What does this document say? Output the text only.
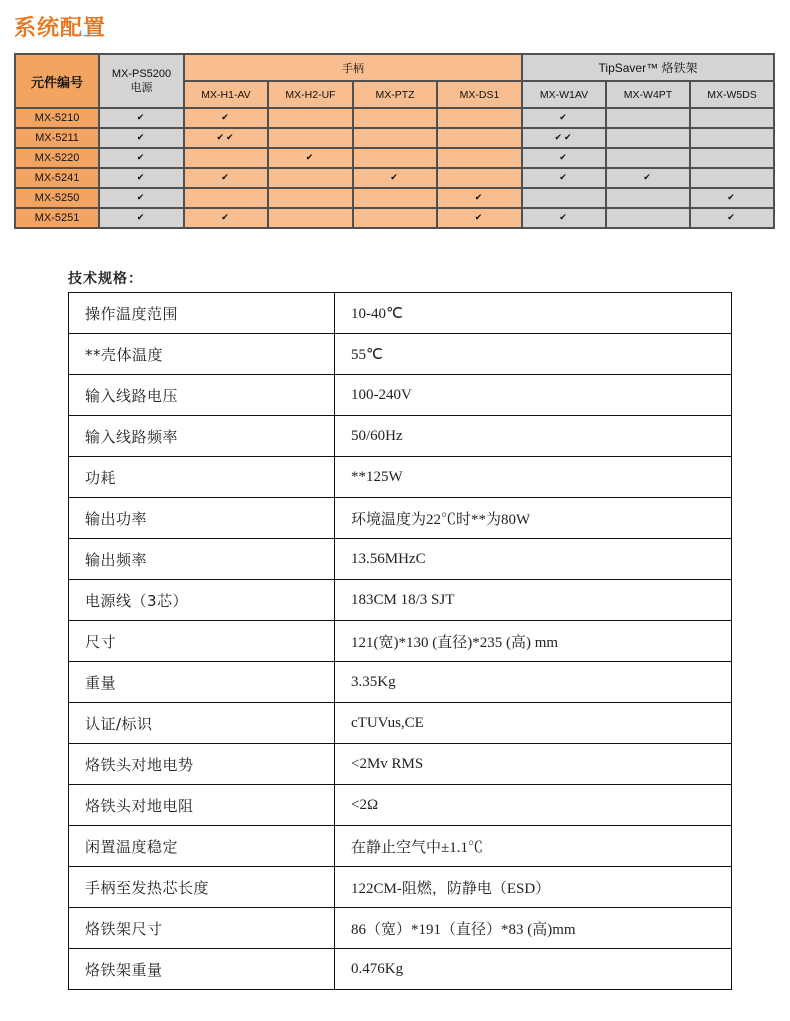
系统配置
元件编号	MX-PS5200
电源	手柄				TipSaver™ 烙铁架		
		MX-H1-AV	MX-H2-UF	MX-PTZ	MX-DS1	MX-W1AV	MX-W4PT	MX-W5DS
MX-5210	✔	✔				✔		
MX-5211	✔	✔✔				✔✔		
MX-5220	✔		✔			✔		
MX-5241	✔	✔		✔		✔	✔	
MX-5250	✔				✔			✔
MX-5251	✔	✔			✔	✔		✔
技术规格：
操作温度范围	10-40℃
**壳体温度	55℃
输入线路电压	100-240V
输入线路频率	50/60Hz
功耗	**125W
输出功率	环境温度为22℃时**为80W
输出频率	13.56MHzC
电源线（3芯）	183CM 18/3 SJT
尺寸	121(宽)*130 (直径)*235 (高) mm
重量	3.35Kg
认证/标识	cTUVus,CE
烙铁头对地电势	<2Mv RMS
烙铁头对地电阻	<2Ω
闲置温度稳定	在静止空气中±1.1℃
手柄至发热芯长度	122CM-阻燃，防静电（ESD）
烙铁架尺寸	86（宽）*191（直径）*83 (高)mm
烙铁架重量	0.476Kg
